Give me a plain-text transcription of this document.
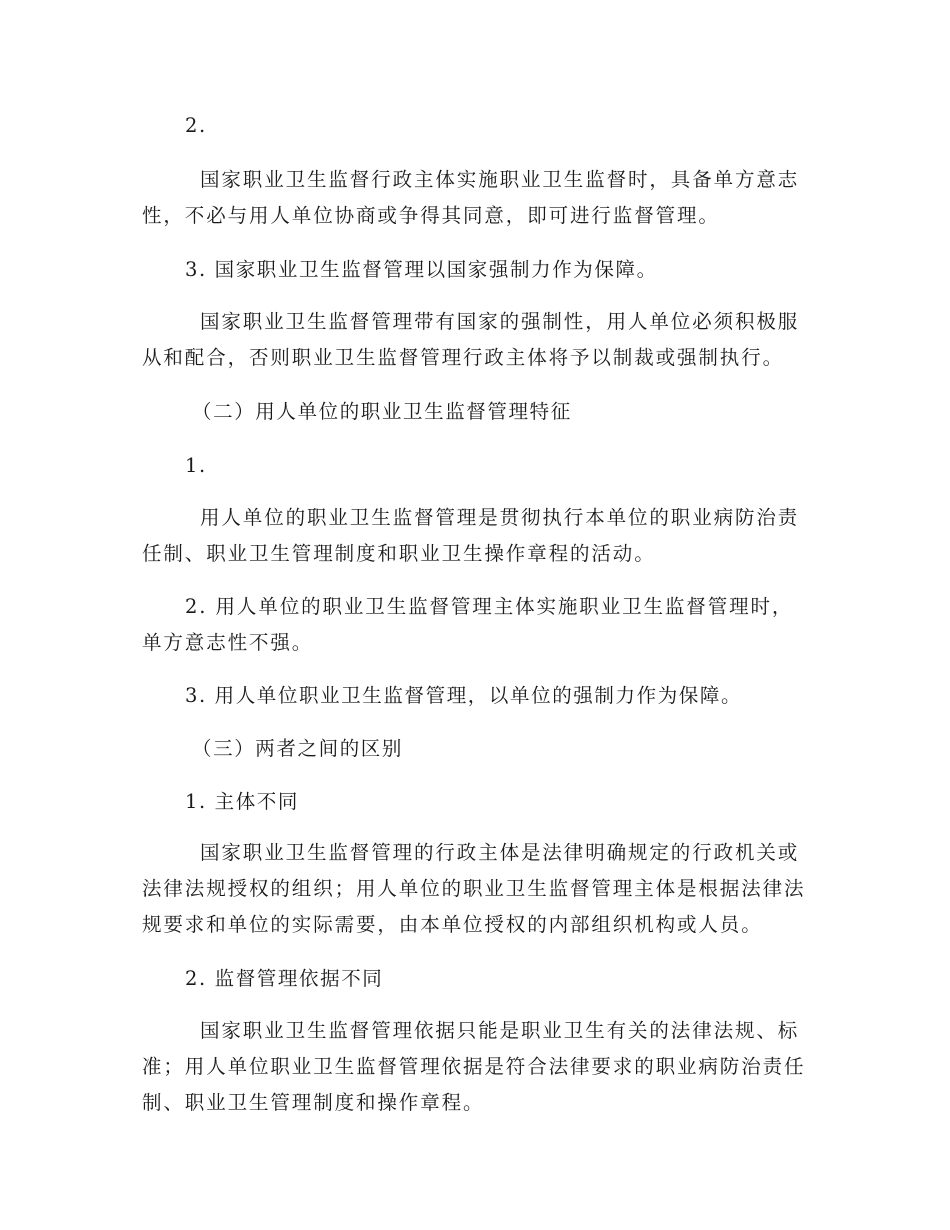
2.
国家职业卫生监督行政主体实施职业卫生监督时，具备单方意志性，不必与用人单位协商或争得其同意，即可进行监督管理。
3. 国家职业卫生监督管理以国家强制力作为保障。
国家职业卫生监督管理带有国家的强制性，用人单位必须积极服从和配合，否则职业卫生监督管理行政主体将予以制裁或强制执行。
（二）用人单位的职业卫生监督管理特征
1.
用人单位的职业卫生监督管理是贯彻执行本单位的职业病防治责任制、职业卫生管理制度和职业卫生操作章程的活动。
2. 用人单位的职业卫生监督管理主体实施职业卫生监督管理时，单方意志性不强。
3. 用人单位职业卫生监督管理，以单位的强制力作为保障。
（三）两者之间的区别
1. 主体不同
国家职业卫生监督管理的行政主体是法律明确规定的行政机关或法律法规授权的组织；用人单位的职业卫生监督管理主体是根据法律法规要求和单位的实际需要，由本单位授权的内部组织机构或人员。
2. 监督管理依据不同
国家职业卫生监督管理依据只能是职业卫生有关的法律法规、标准；用人单位职业卫生监督管理依据是符合法律要求的职业病防治责任制、职业卫生管理制度和操作章程。
